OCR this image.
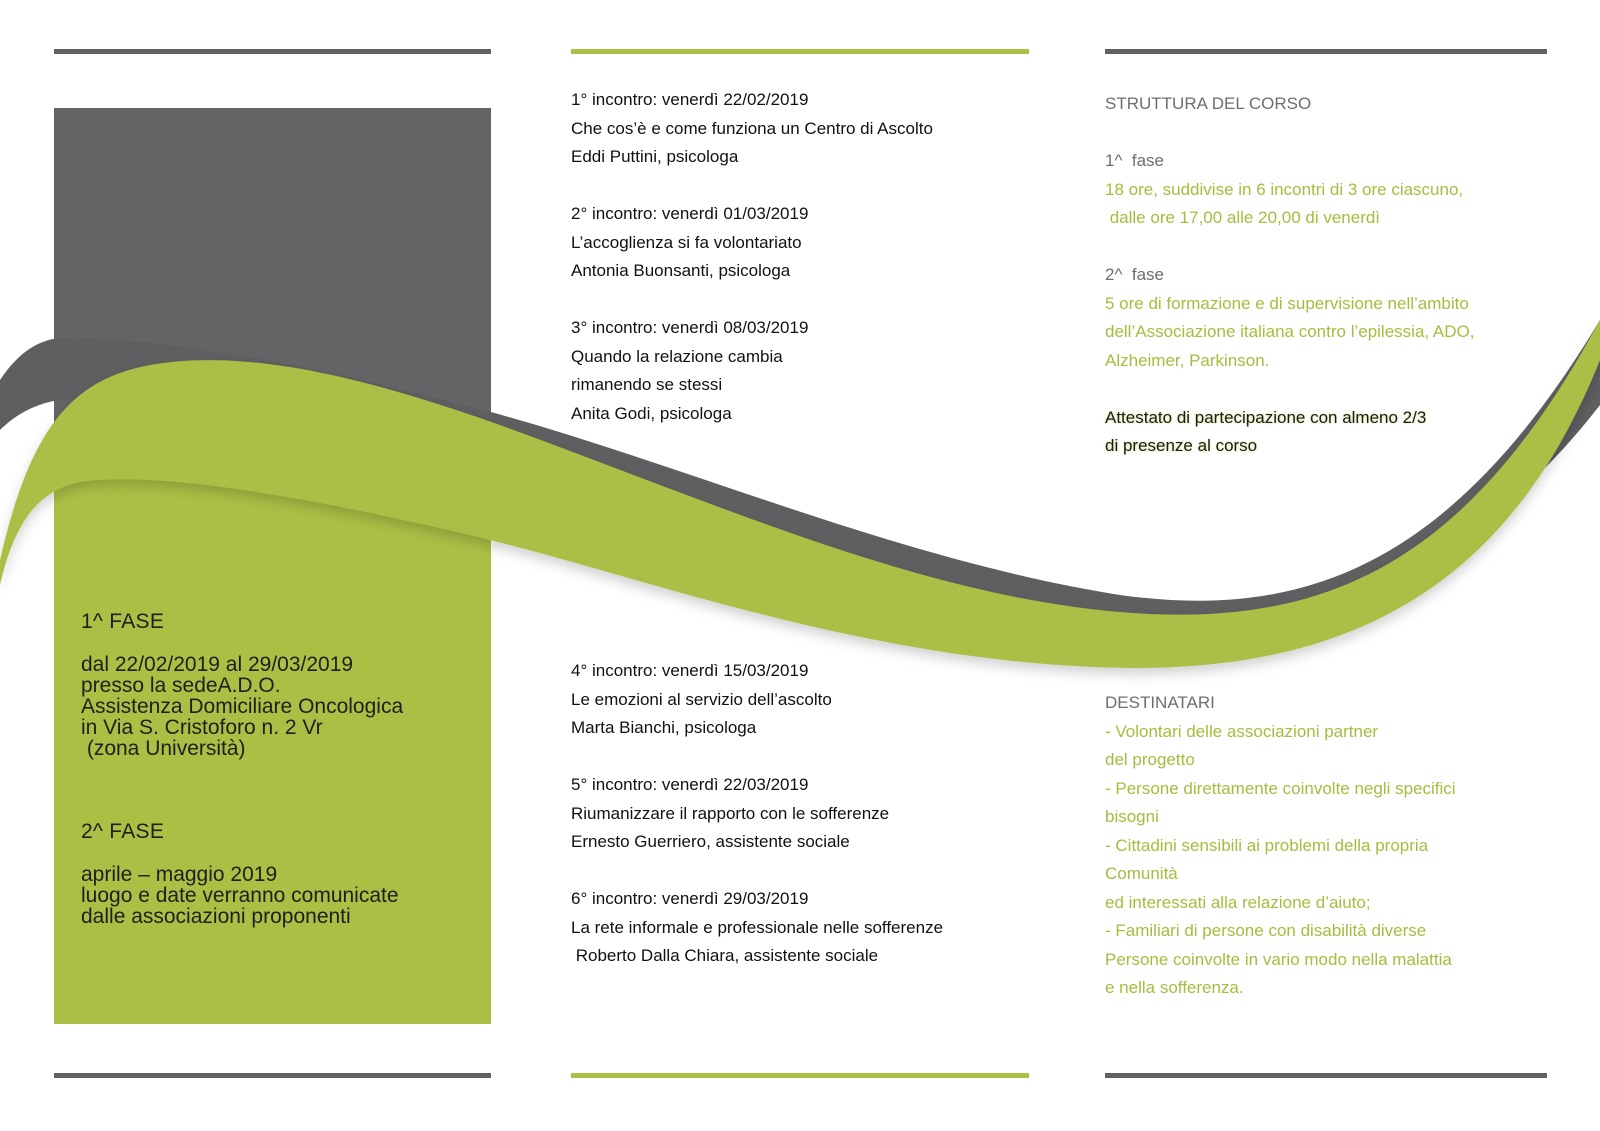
1^ FASE
dal 22/02/2019 al 29/03/2019
presso la sedeA.D.O.
Assistenza Domiciliare Oncologica
in Via S. Cristoforo n. 2 Vr
(zona Università)
2^ FASE
aprile – maggio 2019
luogo e date verranno comunicate
dalle associazioni proponenti
1° incontro: venerdì 22/02/2019
Che cos’è e come funziona un Centro di Ascolto
Eddi Puttini, psicologa
2° incontro: venerdì 01/03/2019
L’accoglienza si fa volontariato
Antonia Buonsanti, psicologa
3° incontro: venerdì 08/03/2019
Quando la relazione cambia
rimanendo se stessi
Anita Godi, psicologa
4° incontro: venerdì 15/03/2019
Le emozioni al servizio dell’ascolto
Marta Bianchi, psicologa
5° incontro: venerdì 22/03/2019
Riumanizzare il rapporto con le sofferenze
Ernesto Guerriero, assistente sociale
6° incontro: venerdì 29/03/2019
La rete informale e professionale nelle sofferenze
Roberto Dalla Chiara, assistente sociale
STRUTTURA DEL CORSO
1^  fase
18 ore, suddivise in 6 incontri di 3 ore ciascuno,
dalle ore 17,00 alle 20,00 di venerdì
2^  fase
5 ore di formazione e di supervisione nell’ambito
dell’Associazione italiana contro l’epilessia, ADO,
Alzheimer, Parkinson.
Attestato di partecipazione con almeno 2/3
di presenze al corso
DESTINATARI
- Volontari delle associazioni partner
del progetto
- Persone direttamente coinvolte negli specifici
bisogni
- Cittadini sensibili ai problemi della propria
Comunità
ed interessati alla relazione d’aiuto;
- Familiari di persone con disabilità diverse
Persone coinvolte in vario modo nella malattia
e nella sofferenza.
